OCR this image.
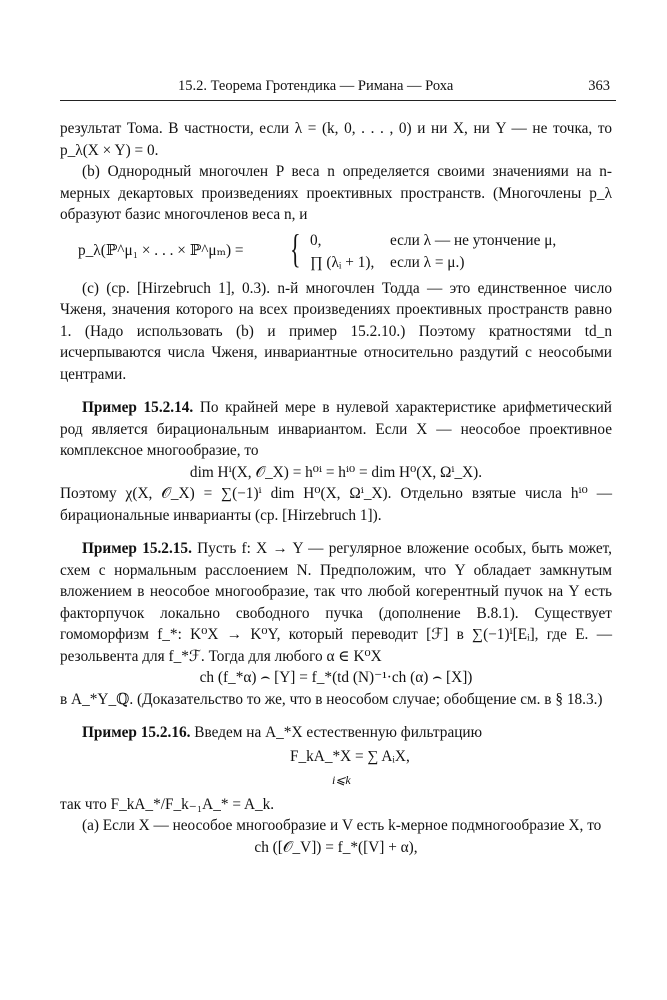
15.2. Теорема Гротендика — Римана — Роха	363

результат Тома. В частности, если λ = (k, 0, . . . , 0) и ни X, ни Y — не точка, то p_λ(X × Y) = 0.

(b) Однородный многочлен P веса n определяется своими значениями на n-мерных декартовых произведениях проективных пространств. (Многочлены p_λ образуют базис многочленов веса n, и

p_λ(ℙ^μ₁ × . . . × ℙ^μₘ) = { 0,	если λ — не утончение μ,
∏ (λᵢ + 1), если λ = μ.)

(c) (ср. [Hirzebruch 1], 0.3). n-й многочлен Тодда — это единственное число Чженя, значения которого на всех произведениях проективных пространств равно 1. (Надо использовать (b) и пример 15.2.10.) Поэтому кратностями td_n исчерпываются числа Чженя, инвариантные относительно раздутий с неособыми центрами.

Пример 15.2.14. По крайней мере в нулевой характеристике арифметический род является бирациональным инвариантом. Если X — неособое проективное комплексное многообразие, то

dim Hⁱ(X, 𝒪_X) = h⁰ⁱ = hⁱ⁰ = dim H⁰(X, Ωⁱ_X).

Поэтому χ(X, 𝒪_X) = ∑(−1)ⁱ dim H⁰(X, Ωⁱ_X). Отдельно взятые числа hⁱ⁰ — бирациональные инварианты (ср. [Hirzebruch 1]).

Пример 15.2.15. Пусть f: X → Y — регулярное вложение особых, быть может, схем с нормальным расслоением N. Предположим, что Y обладает замкнутым вложением в неособое многообразие, так что любой когерентный пучок на Y есть факторпучок локально свободного пучка (дополнение B.8.1). Существует гомоморфизм f_*: K⁰X → K⁰Y, который переводит [ℱ] в ∑(−1)ⁱ[Eᵢ], где E. — резольвента для f_*ℱ. Тогда для любого α ∈ K⁰X

ch (f_*α) ⌢ [Y] = f_*(td (N)⁻¹·ch (α) ⌢ [X])

в A_*Y_ℚ. (Доказательство то же, что в неособом случае; обобщение см. в § 18.3.)

Пример 15.2.16. Введем на A_*X естественную фильтрацию

F_kA_*X = ∑ AᵢX,
i⩽k

так что F_kA_*/F_k₋₁A_* = A_k.

(a) Если X — неособое многообразие и V есть k-мерное подмногообразие X, то

ch ([𝒪_V]) = f_*([V] + α),
